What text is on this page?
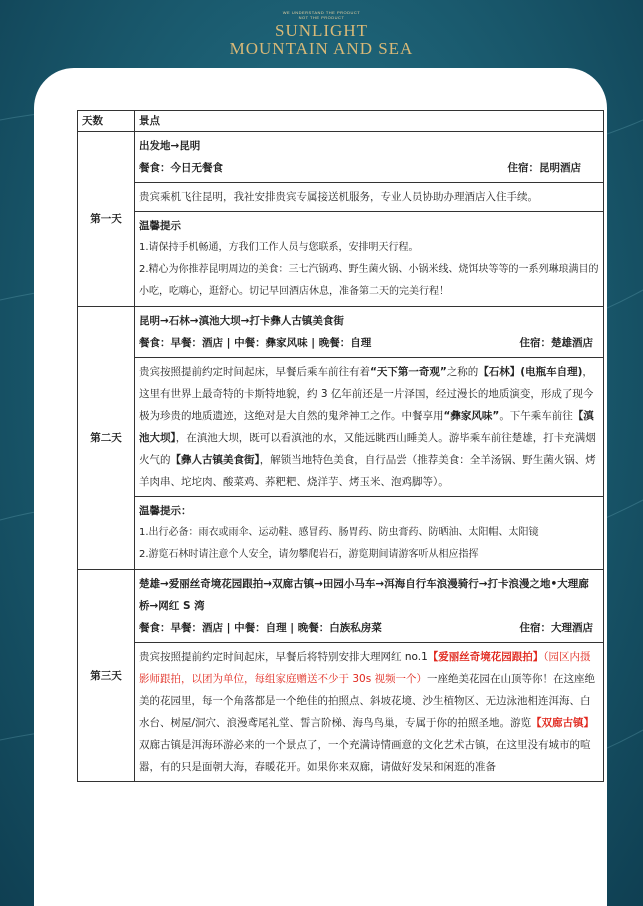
WE UNDERSTAND THE PRODUCT
NOT THE PRODUCT
SUNLIGHT
MOUNTAIN AND SEA
天数	景点
第一天	出发地→昆明
餐食：今日无餐食 住宿：昆明酒店

	贵宾乘机飞往昆明，我社安排贵宾专属接送机服务，专业人员协助办理酒店入住手续。

	温馨提示
1.请保持手机畅通，方我们工作人员与您联系，安排明天行程。
2.精心为你推荐昆明周边的美食：三七汽锅鸡、野生菌火锅、小锅米线、烧饵块等等的一系列琳琅满目的小吃，吃嗨心，逛舒心。切记早回酒店休息，准备第二天的完美行程！

第二天	昆明→石林→滇池大坝→打卡彝人古镇美食街
餐食：早餐：酒店 | 中餐：彝家风味 | 晚餐：自理 住宿：楚雄酒店

	贵宾按照提前约定时间起床，早餐后乘车前往有着“天下第一奇观”之称的【石林】(电瓶车自理)，这里有世界上最奇特的卡斯特地貌，约 3 亿年前还是一片泽国，经过漫长的地质演变，形成了现今极为珍贵的地质遗迹，这绝对是大自然的鬼斧神工之作。中餐享用“彝家风味”。下午乘车前往【滇池大坝】，在滇池大坝，既可以看滇池的水，又能远眺西山睡美人。游毕乘车前往楚雄，打卡充满烟火气的【彝人古镇美食街】，解锁当地特色美食，自行品尝（推荐美食：全羊汤锅、野生菌火锅、烤羊肉串、坨坨肉、酸菜鸡、荞粑粑、烧洋芋、烤玉米、泡鸡脚等）。

	温馨提示：
1.出行必备：雨衣或雨伞、运动鞋、感冒药、肠胃药、防虫膏药、防晒油、太阳帽、太阳镜
2.游览石林时请注意个人安全，请勿攀爬岩石，游览期间请游客听从相应指挥

第三天	楚雄→爱丽丝奇境花园跟拍→双廊古镇→田园小马车→洱海自行车浪漫骑行→打卡浪漫之地•大理廊桥→网红 S 湾
餐食：早餐：酒店 | 中餐：自理 | 晚餐：白族私房菜 住宿：大理酒店

	贵宾按照提前约定时间起床，早餐后将特别安排大理网红 no.1【爱丽丝奇境花园跟拍】（园区内摄影师跟拍，以团为单位，每组家庭赠送不少于 30s 视频一个）一座绝美花园在山顶等你！在这座绝美的花园里，每一个角落都是一个绝佳的拍照点、斜坡花境、沙生植物区、无边泳池相连洱海、白水台、树屋/洞穴、浪漫鸢尾礼堂、誓言阶梯、海鸟鸟巢，专属于你的拍照圣地。游览【双廊古镇】双廊古镇是洱海环游必来的一个景点了，一个充满诗情画意的文化艺术古镇，在这里没有城市的喧嚣，有的只是面朝大海，春暖花开。如果你来双廊，请做好发呆和闲逛的准备
